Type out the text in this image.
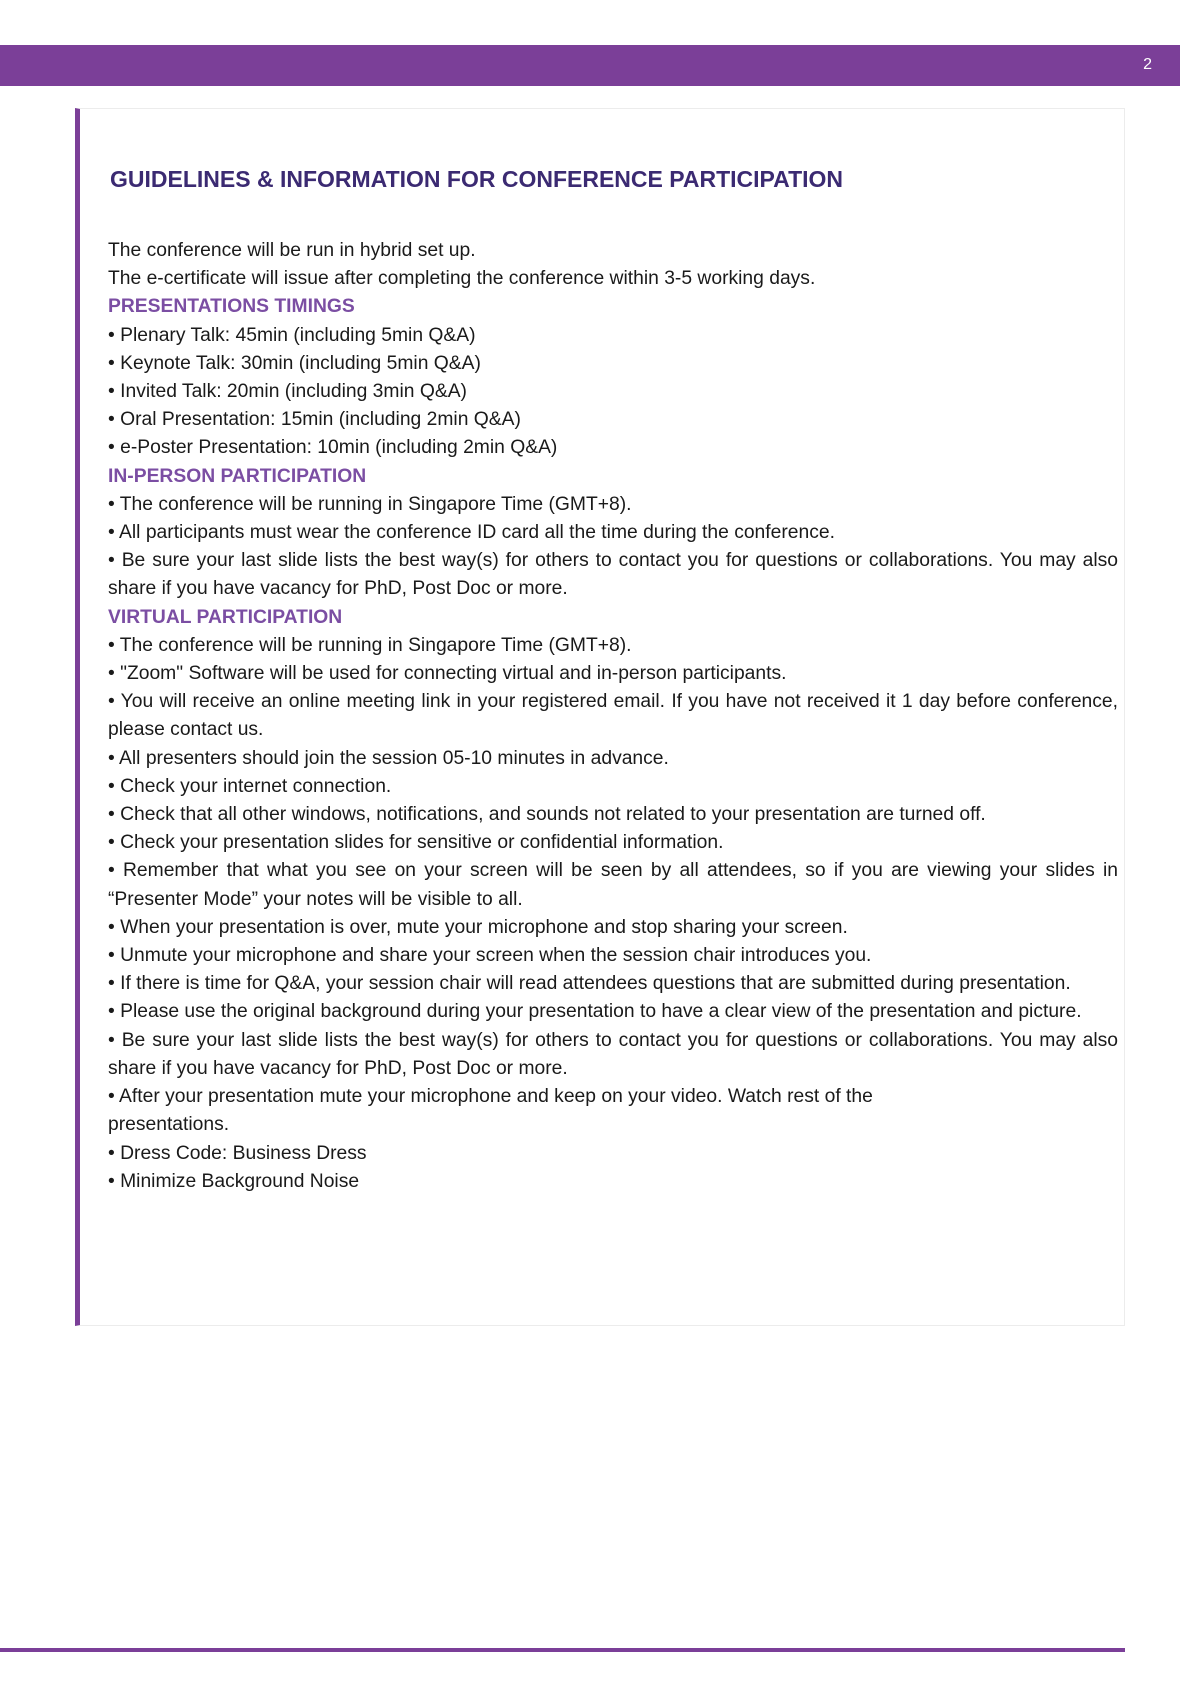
2
GUIDELINES & INFORMATION FOR CONFERENCE PARTICIPATION

The conference will be run in hybrid set up.

The e-certificate will issue after completing the conference within 3-5 working days.

PRESENTATIONS TIMINGS

• Plenary Talk: 45min (including 5min Q&A)
• Keynote Talk: 30min (including 5min Q&A)
• Invited Talk: 20min (including 3min Q&A)
• Oral Presentation: 15min (including 2min Q&A)
• e-Poster Presentation: 10min (including 2min Q&A)

IN-PERSON PARTICIPATION

• The conference will be running in Singapore Time (GMT+8).
• All participants must wear the conference ID card all the time during the conference.
• Be sure your last slide lists the best way(s) for others to contact you for questions or collaborations. You may also share if you have vacancy for PhD, Post Doc or more.

VIRTUAL PARTICIPATION

• The conference will be running in Singapore Time (GMT+8).
• "Zoom" Software will be used for connecting virtual and in-person participants.
• You will receive an online meeting link in your registered email. If you have not received it 1 day before conference, please contact us.
• All presenters should join the session 05-10 minutes in advance.
• Check your internet connection.
• Check that all other windows, notifications, and sounds not related to your presentation are turned off.
• Check your presentation slides for sensitive or confidential information.
• Remember that what you see on your screen will be seen by all attendees, so if you are viewing your slides in “Presenter Mode” your notes will be visible to all.
• When your presentation is over, mute your microphone and stop sharing your screen.
• Unmute your microphone and share your screen when the session chair introduces you.
• If there is time for Q&A, your session chair will read attendees questions that are submitted during presentation.
• Please use the original background during your presentation to have a clear view of the presentation and picture.
• Be sure your last slide lists the best way(s) for others to contact you for questions or collaborations. You may also share if you have vacancy for PhD, Post Doc or more.
• After your presentation mute your microphone and keep on your video. Watch rest of the
presentations.
• Dress Code: Business Dress
• Minimize Background Noise
